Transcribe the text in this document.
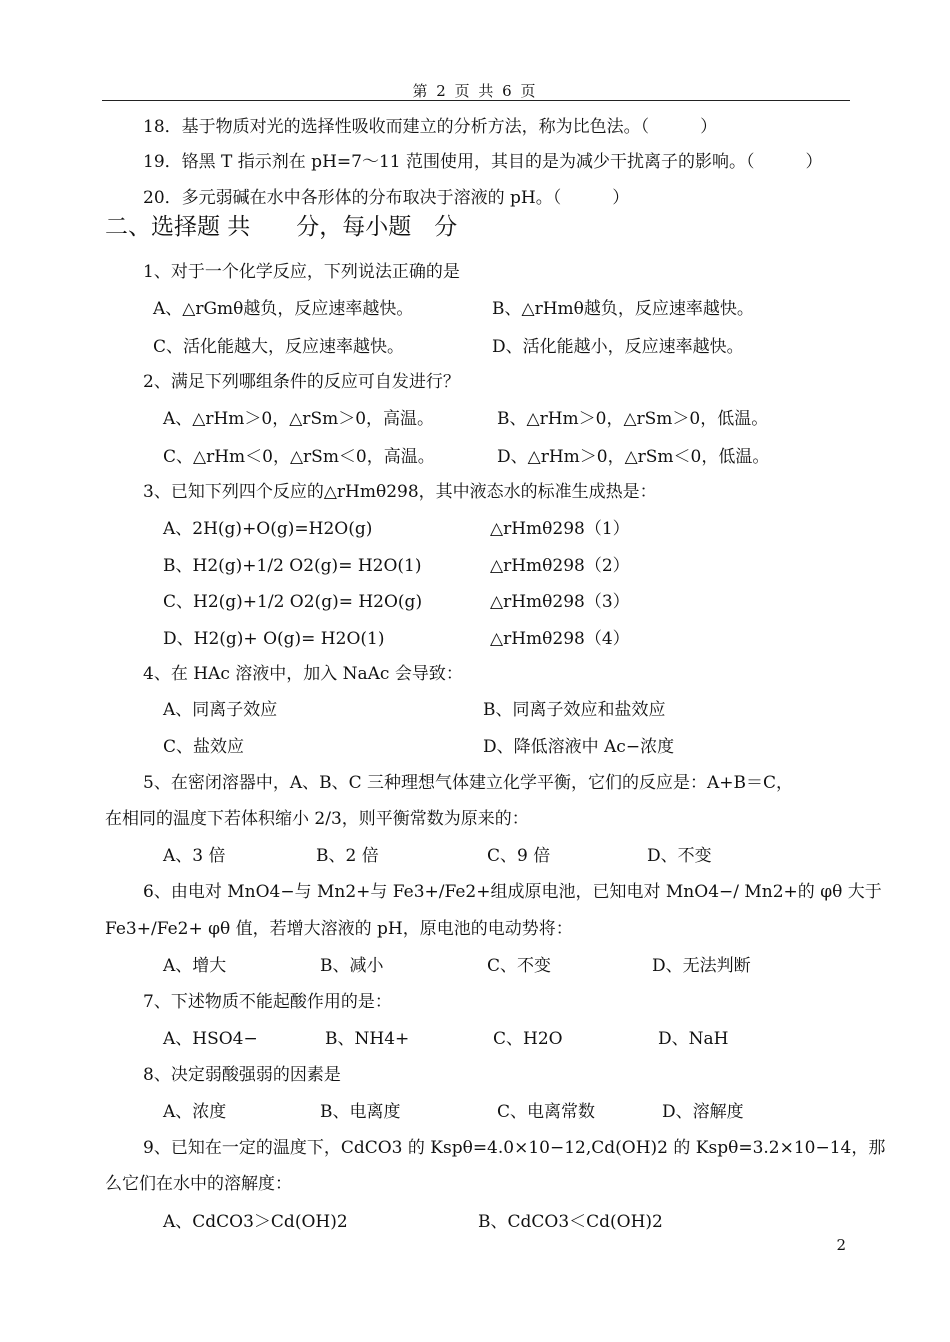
第 2 页 共 6 页
18．基于物质对光的选择性吸收而建立的分析方法，称为比色法。（　　　）
19．铬黑 T 指示剂在 pH=7～11 范围使用，其目的是为减少干扰离子的影响。（　　　）
20．多元弱碱在水中各形体的分布取决于溶液的 pH。（　　　）
二、选择题 共　　分，每小题　分
1、对于一个化学反应，下列说法正确的是
A、△rGmθ越负，反应速率越快。	B、△rHmθ越负，反应速率越快。
C、活化能越大，反应速率越快。	D、活化能越小，反应速率越快。
2、满足下列哪组条件的反应可自发进行？
A、△rHm＞0，△rSm＞0，高温。	B、△rHm＞0，△rSm＞0，低温。
C、△rHm＜0，△rSm＜0，高温。	D、△rHm＞0，△rSm＜0，低温。
3、已知下列四个反应的△rHmθ298，其中液态水的标准生成热是：
A、2H(g)+O(g)=H2O(g)	△rHmθ298（1）
B、H2(g)+1/2 O2(g)= H2O(1)	△rHmθ298（2）
C、H2(g)+1/2 O2(g)= H2O(g)	△rHmθ298（3）
D、H2(g)+ O(g)= H2O(1)	△rHmθ298（4）
4、在 HAc 溶液中，加入 NaAc 会导致：
A、同离子效应	B、同离子效应和盐效应
C、盐效应	D、降低溶液中 Ac−浓度
5、在密闭溶器中，A、B、C 三种理想气体建立化学平衡，它们的反应是：A+B＝C，
在相同的温度下若体积缩小 2/3，则平衡常数为原来的：
A、3 倍	B、2 倍	C、9 倍	D、不变
6、由电对 MnO4−与 Mn2+与 Fe3+/Fe2+组成原电池，已知电对 MnO4−/ Mn2+的 φθ 大于
Fe3+/Fe2+ φθ 值，若增大溶液的 pH，原电池的电动势将：
A、增大	B、减小	C、不变	D、无法判断
7、下述物质不能起酸作用的是：
A、HSO4−	B、NH4+	C、H2O	D、NaH
8、决定弱酸强弱的因素是
A、浓度	B、电离度	C、电离常数	D、溶解度
9、已知在一定的温度下，CdCO3 的 Kspθ=4.0×10−12,Cd(OH)2 的 Kspθ=3.2×10−14，那
么它们在水中的溶解度：
A、CdCO3＞Cd(OH)2	B、CdCO3＜Cd(OH)2
2
